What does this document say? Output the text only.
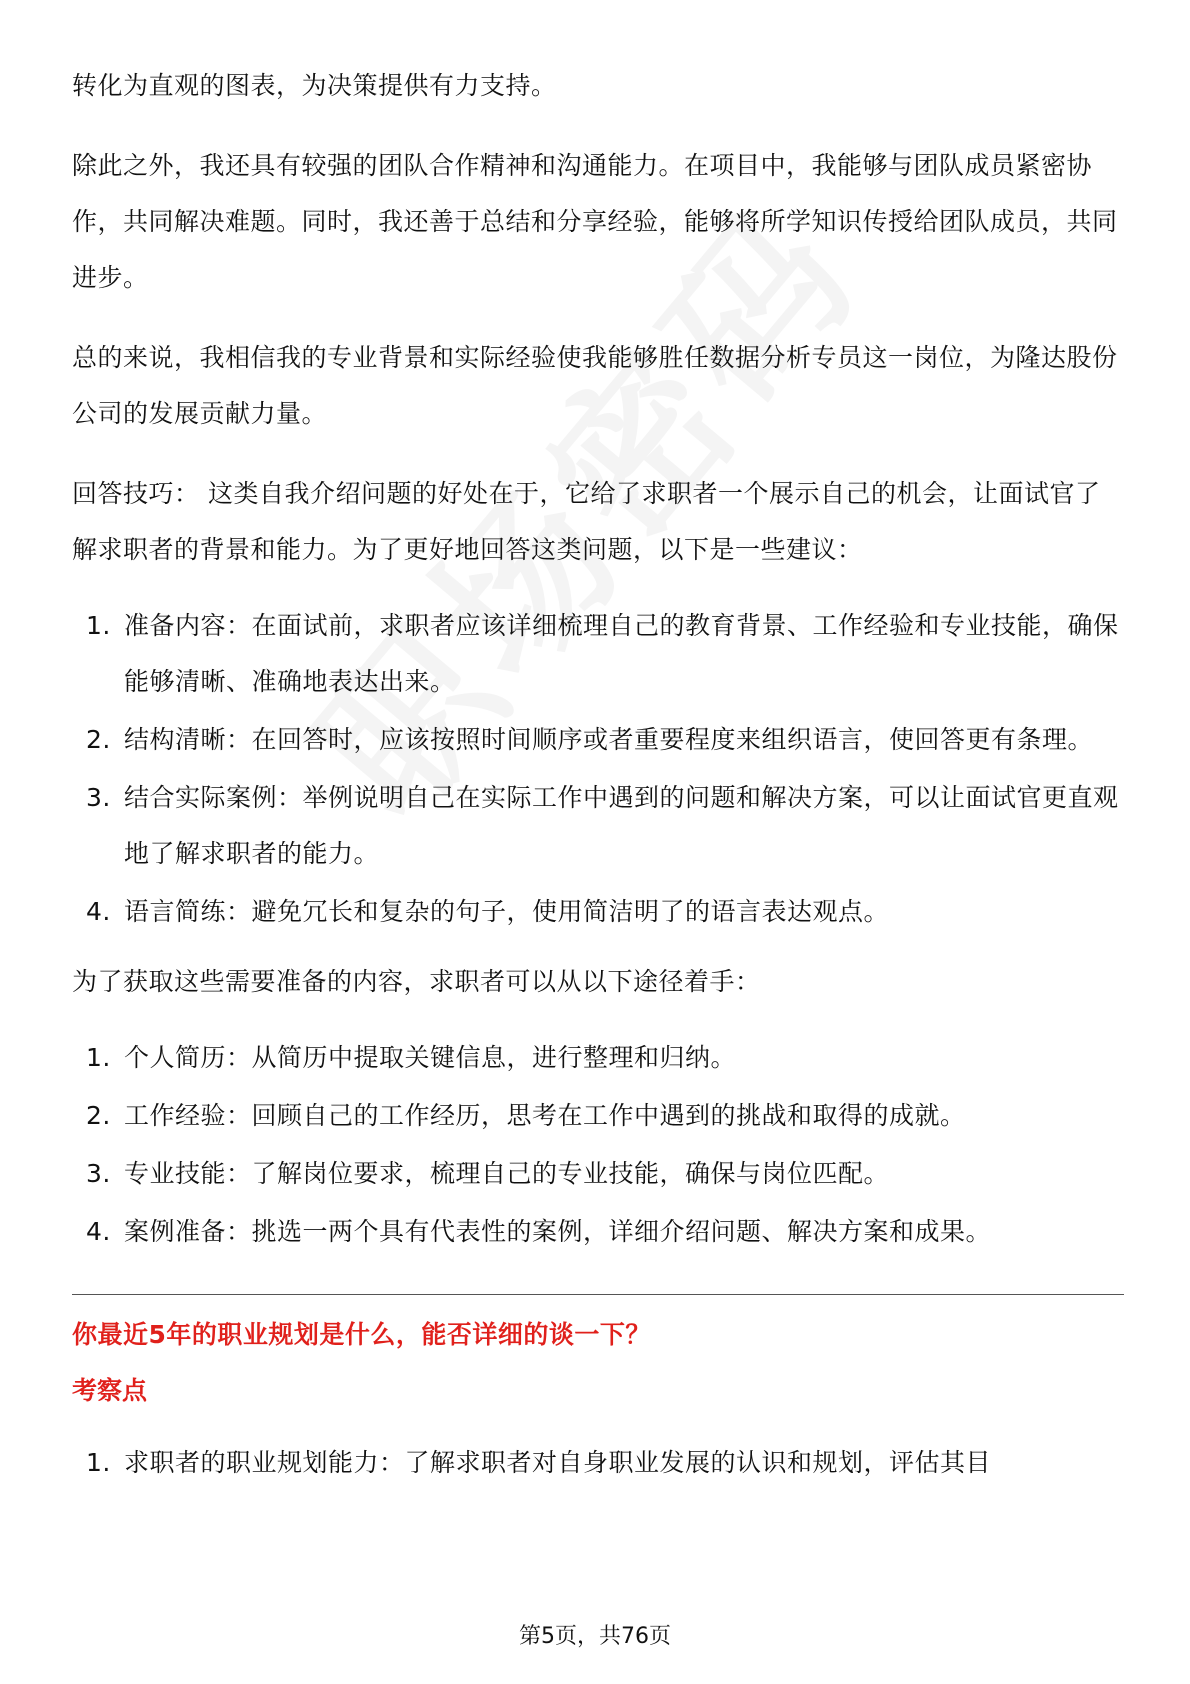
转化为直观的图表，为决策提供有力支持。

除此之外，我还具有较强的团队合作精神和沟通能力。在项目中，我能够与团队成员紧密协作，共同解决难题。同时，我还善于总结和分享经验，能够将所学知识传授给团队成员，共同进步。

总的来说，我相信我的专业背景和实际经验使我能够胜任数据分析专员这一岗位，为隆达股份公司的发展贡献力量。

回答技巧： 这类自我介绍问题的好处在于，它给了求职者一个展示自己的机会，让面试官了解求职者的背景和能力。为了更好地回答这类问题，以下是一些建议：

1. 准备内容：在面试前，求职者应该详细梳理自己的教育背景、工作经验和专业技能，确保能够清晰、准确地表达出来。
2. 结构清晰：在回答时，应该按照时间顺序或者重要程度来组织语言，使回答更有条理。
3. 结合实际案例：举例说明自己在实际工作中遇到的问题和解决方案，可以让面试官更直观地了解求职者的能力。
4. 语言简练：避免冗长和复杂的句子，使用简洁明了的语言表达观点。

为了获取这些需要准备的内容，求职者可以从以下途径着手：

1. 个人简历：从简历中提取关键信息，进行整理和归纳。
2. 工作经验：回顾自己的工作经历，思考在工作中遇到的挑战和取得的成就。
3. 专业技能：了解岗位要求，梳理自己的专业技能，确保与岗位匹配。
4. 案例准备：挑选一两个具有代表性的案例，详细介绍问题、解决方案和成果。
你最近5年的职业规划是什么，能否详细的谈一下？
考察点
1. 求职者的职业规划能力：了解求职者对自身职业发展的认识和规划，评估其目
第5页，共76页
